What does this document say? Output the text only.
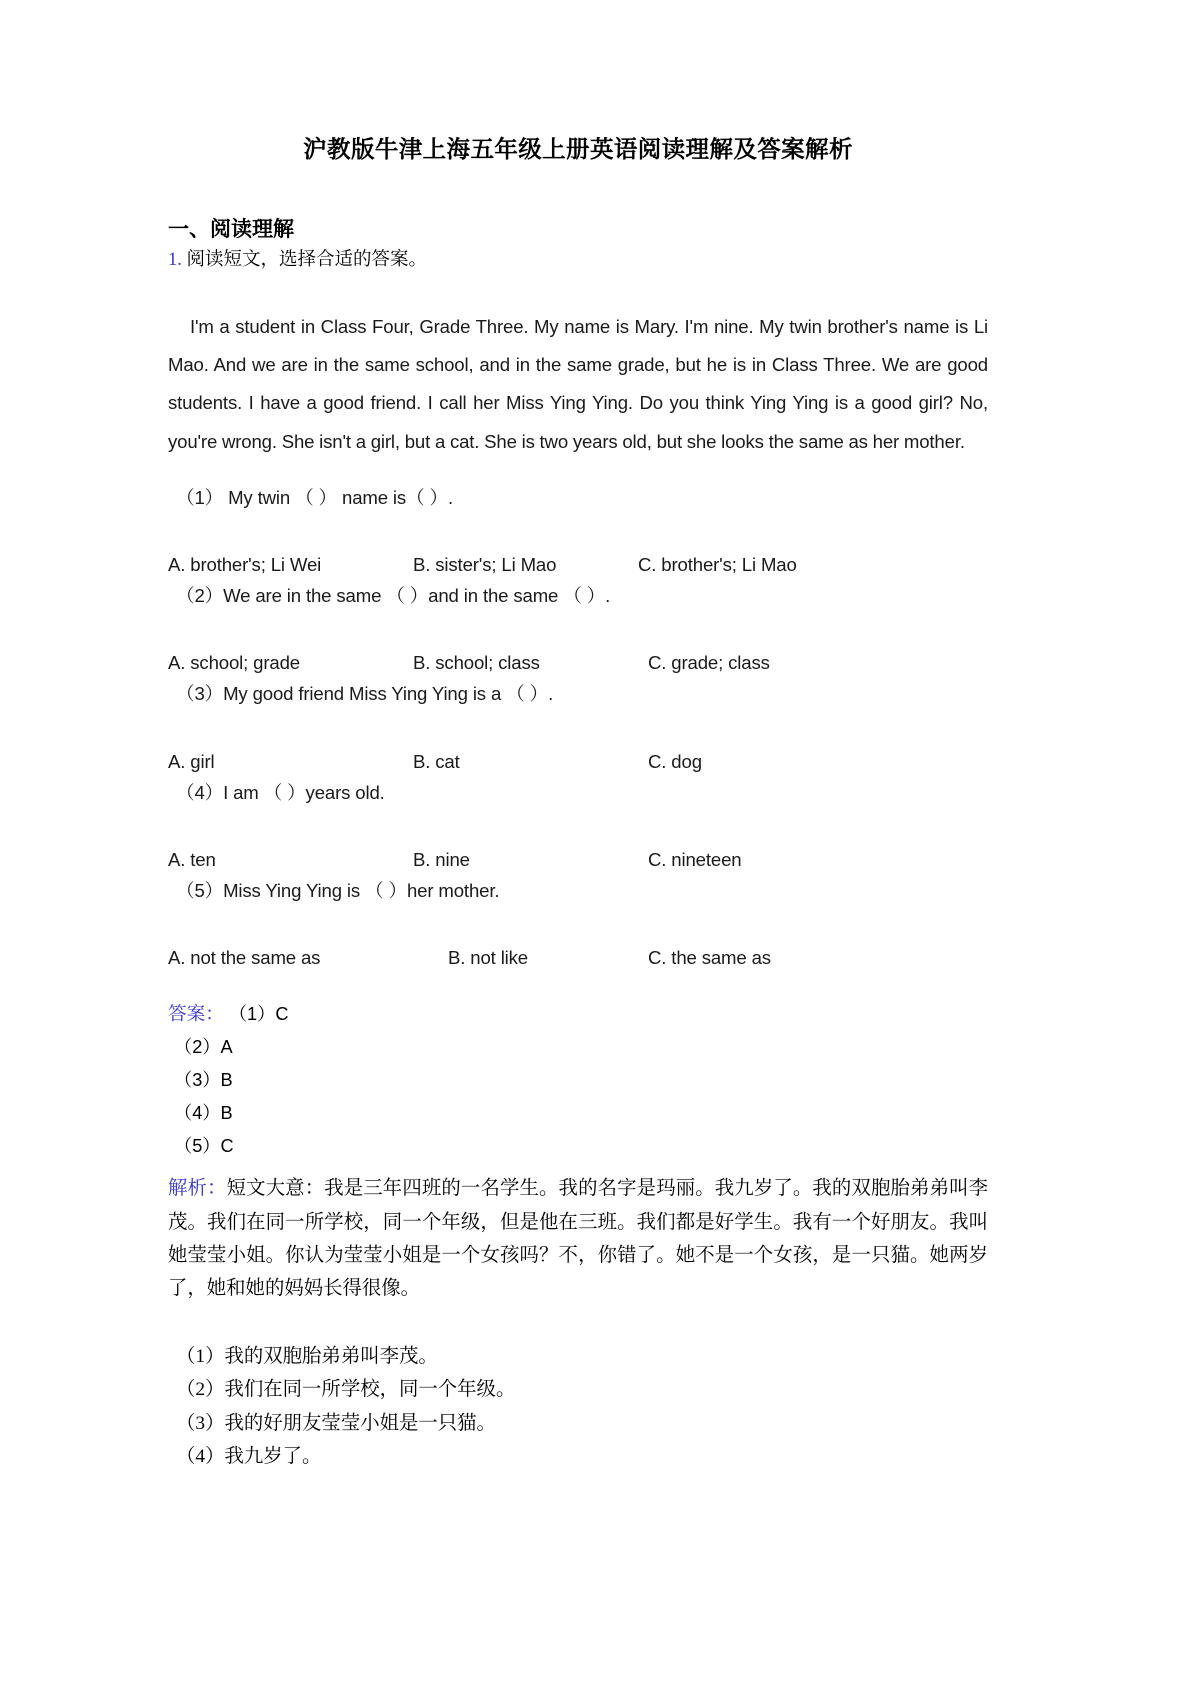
沪教版牛津上海五年级上册英语阅读理解及答案解析
一、阅读理解
1. 阅读短文，选择合适的答案。

I'm a student in Class Four, Grade Three. My name is Mary. I'm nine. My twin brother's name is Li Mao. And we are in the same school, and in the same grade, but he is in Class Three. We are good students. I have a good friend. I call her Miss Ying Ying. Do you think Ying Ying is a good girl? No, you're wrong. She isn't a girl, but a cat. She is two years old, but she looks the same as her mother.

（1） My twin （ ） name is（ ）.
A. brother's; Li Wei	B. sister's; Li Mao	C. brother's; Li Mao
（2）We are in the same （ ）and in the same （ ）.
A. school; grade	B. school; class	C. grade; class
（3）My good friend Miss Ying Ying is a （ ）.
A. girl	B. cat	C. dog
（4）I am （ ）years old.
A. ten	B. nine	C. nineteen
（5）Miss Ying Ying is （ ）her mother.
A. not the same as	B. not like	C. the same as
答案： （1）C
（2）A
（3）B
（4）B
（5）C

解析：短文大意：我是三年四班的一名学生。我的名字是玛丽。我九岁了。我的双胞胎弟弟叫李茂。我们在同一所学校，同一个年级，但是他在三班。我们都是好学生。我有一个好朋友。我叫她莹莹小姐。你认为莹莹小姐是一个女孩吗？不，你错了。她不是一个女孩，是一只猫。她两岁了，她和她的妈妈长得很像。

（1）我的双胞胎弟弟叫李茂。
（2）我们在同一所学校，同一个年级。
（3）我的好朋友莹莹小姐是一只猫。
（4）我九岁了。
